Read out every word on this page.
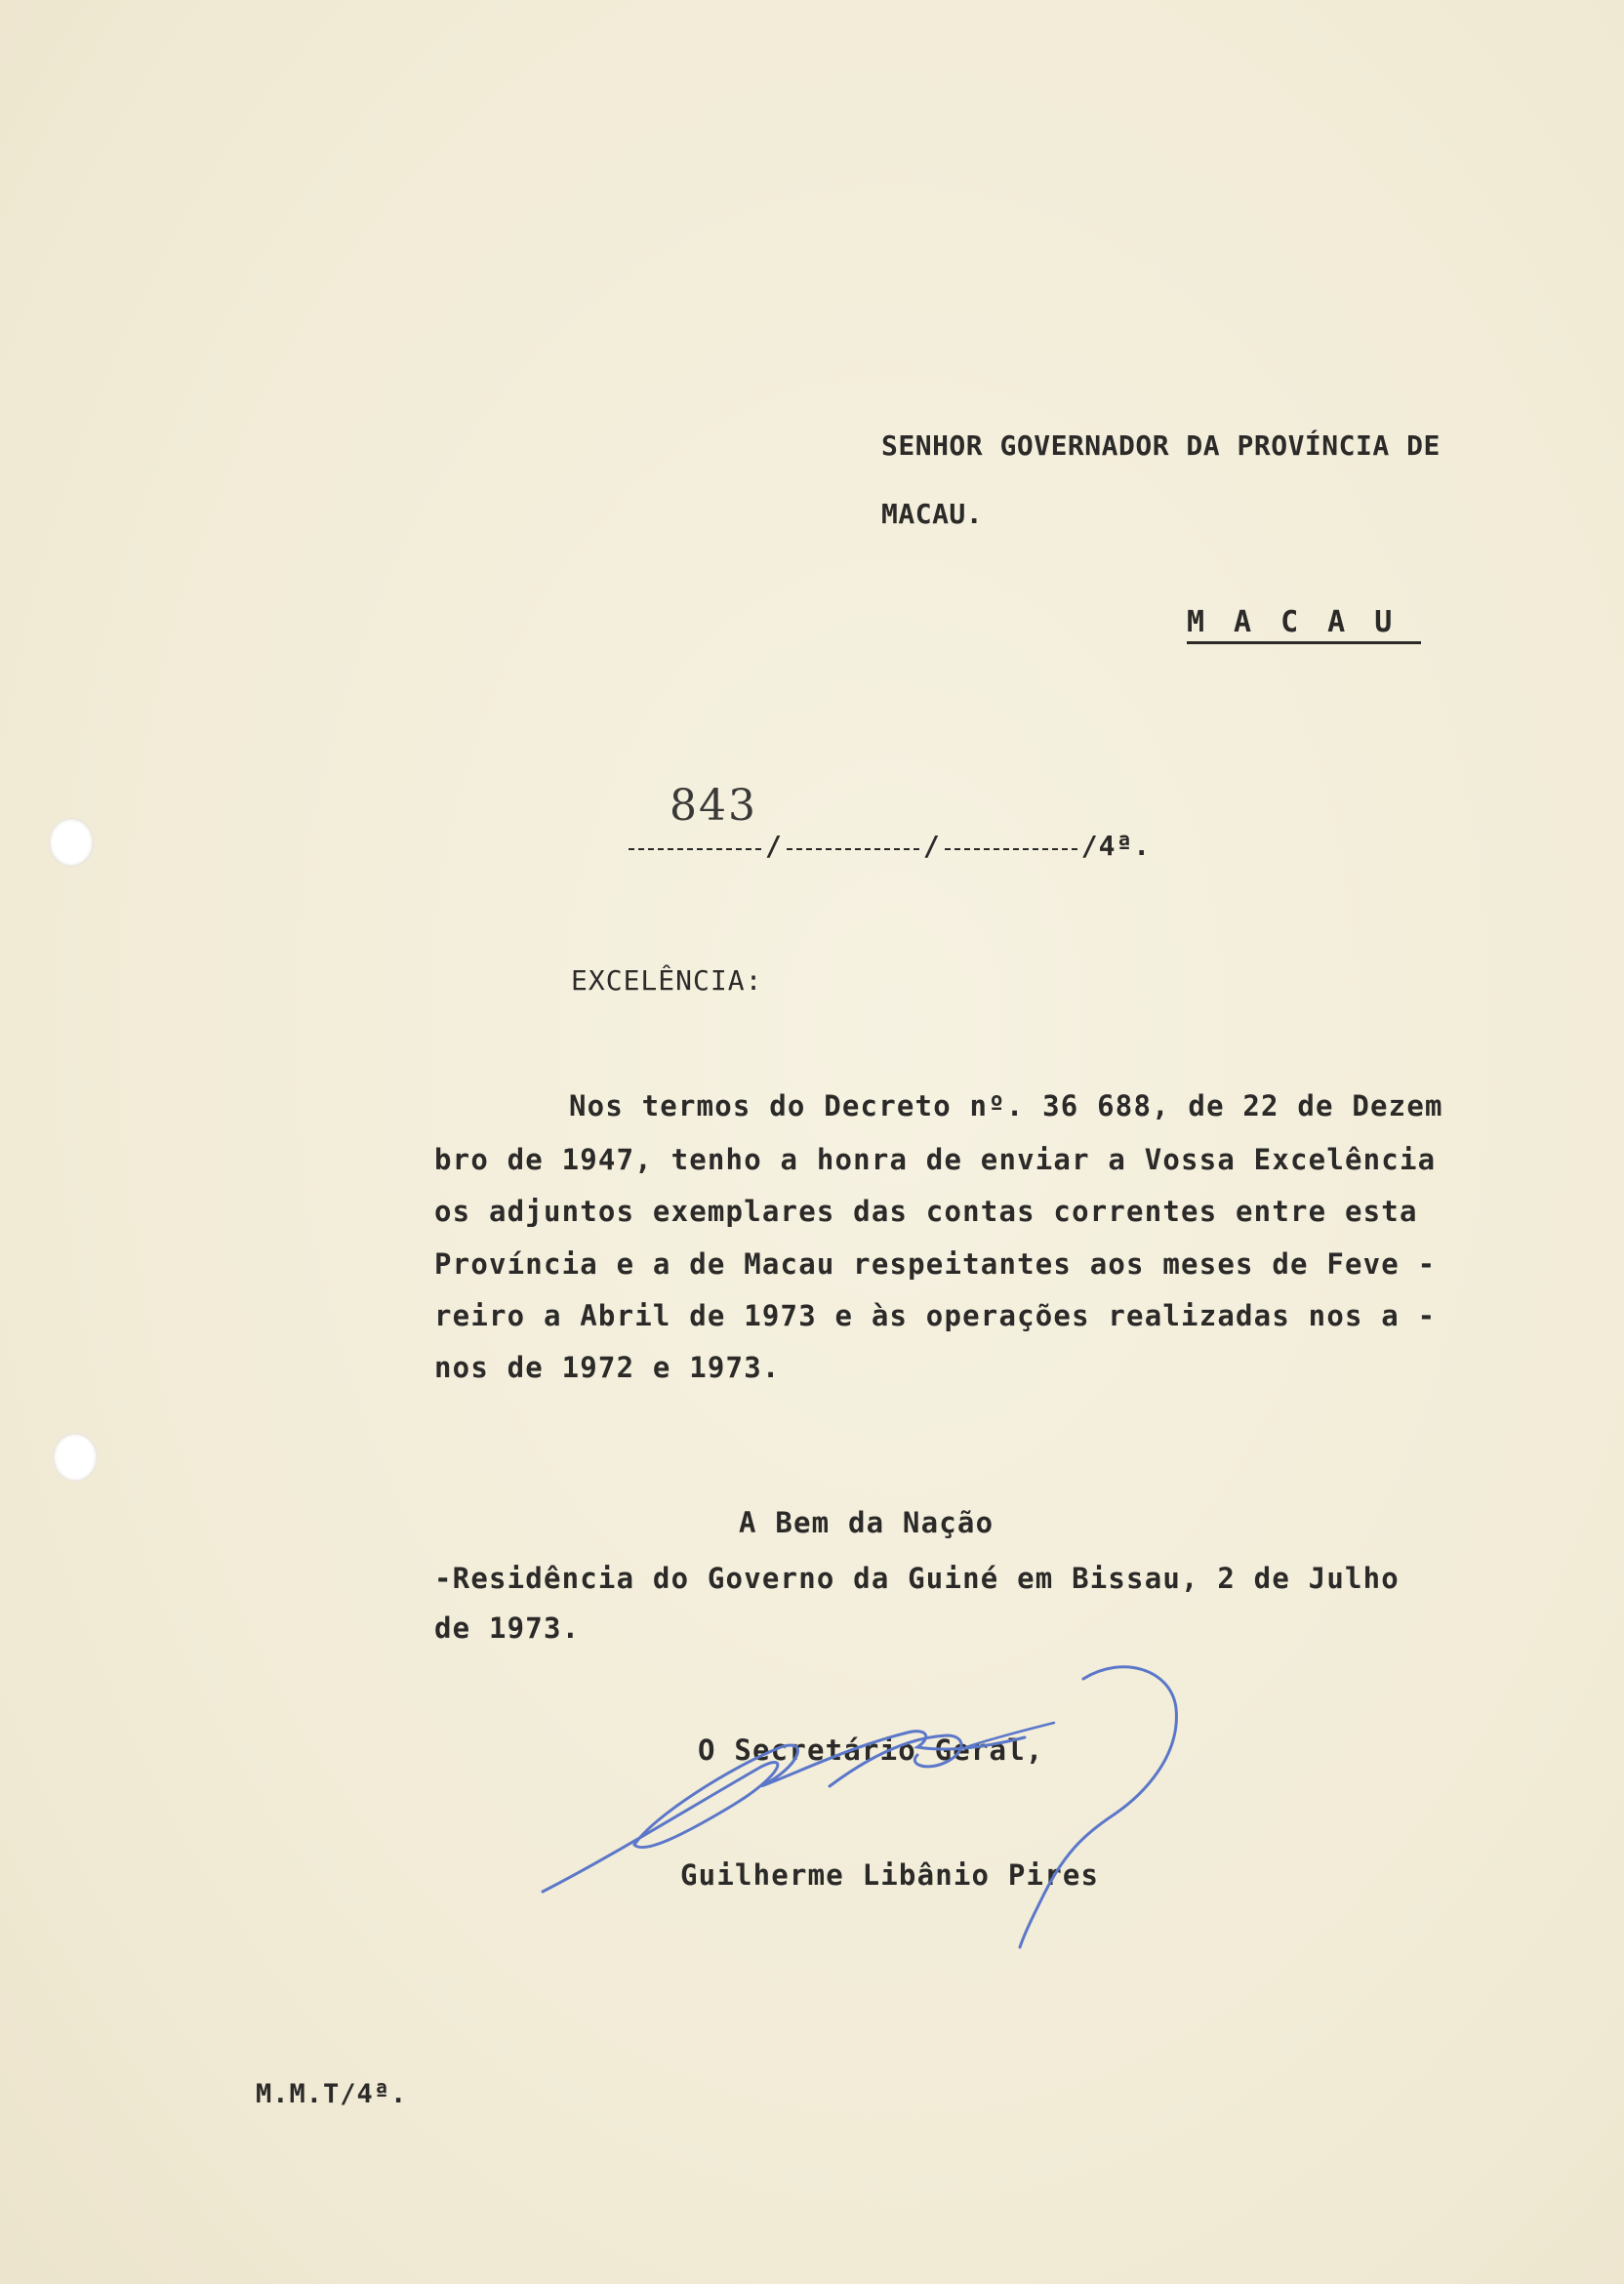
SENHOR GOVERNADOR DA PROVÍNCIA DE
MACAU.
MACAU
843
/	/	/4ª.
EXCELÊNCIA:
Nos termos do Decreto nº. 36 688, de 22 de Dezem
bro de 1947, tenho a honra de enviar a Vossa Excelência
os adjuntos exemplares das contas correntes entre esta
Província e a de Macau respeitantes aos meses de Feve -
reiro a Abril de 1973 e às operações realizadas nos a -
nos de 1972 e 1973.
A Bem da Nação
-Residência do Governo da Guiné em Bissau, 2 de Julho
de 1973.
O Secretário Geral,
Guilherme Libânio Pires
M.M.T/4ª.
